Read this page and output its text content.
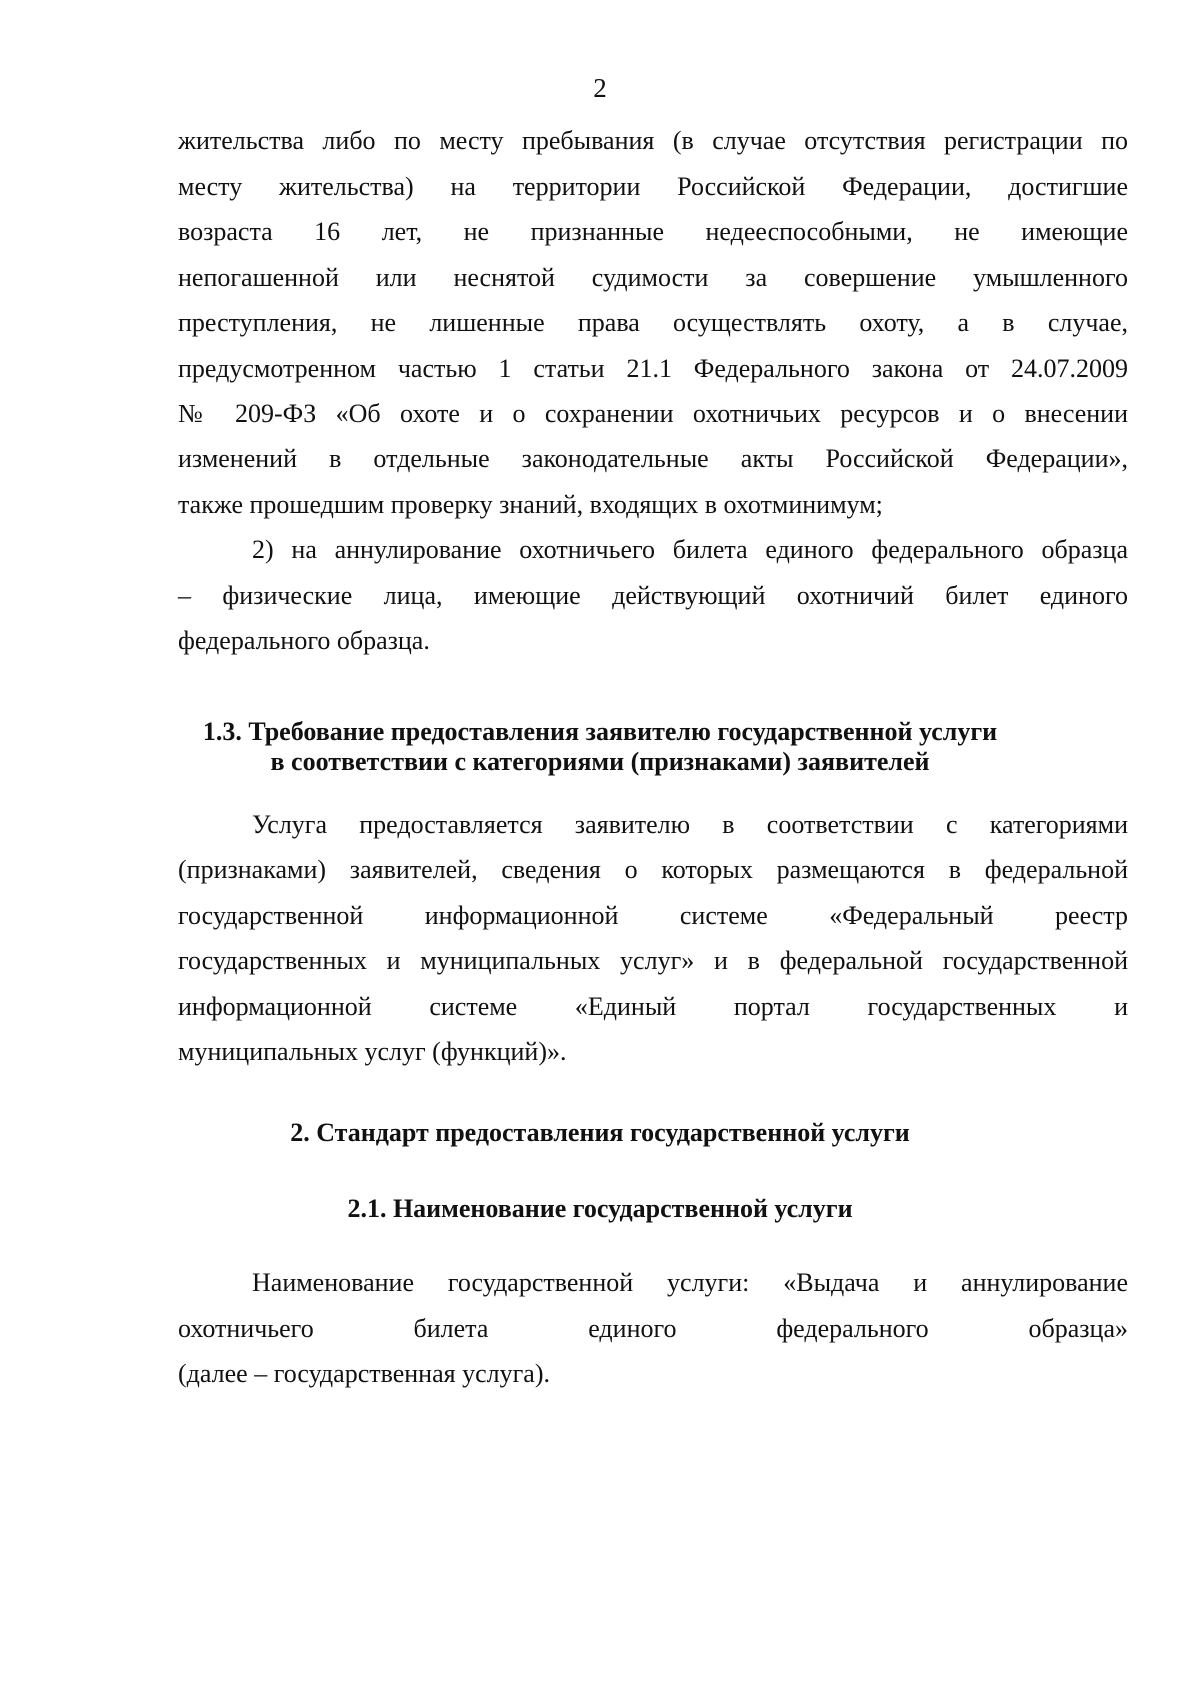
2
жительства либо по месту пребывания (в случае отсутствия регистрации по
месту жительства) на территории Российской Федерации, достигшие
возраста 16 лет, не признанные недееспособными, не имеющие
непогашенной или неснятой судимости за совершение умышленного
преступления, не лишенные права осуществлять охоту, а в случае,
предусмотренном частью 1 статьи 21.1 Федерального закона от 24.07.2009
№ 209-ФЗ «Об охоте и о сохранении охотничьих ресурсов и о внесении
изменений в отдельные законодательные акты Российской Федерации»,
также прошедшим проверку знаний, входящих в охотминимум;
2) на аннулирование охотничьего билета единого федерального образца
– физические лица, имеющие действующий охотничий билет единого
федерального образца.
1.3. Требование предоставления заявителю государственной услуги
в соответствии с категориями (признаками) заявителей
Услуга предоставляется заявителю в соответствии с категориями
(признаками) заявителей, сведения о которых размещаются в федеральной
государственной информационной системе «Федеральный реестр
государственных и муниципальных услуг» и в федеральной государственной
информационной системе «Единый портал государственных и
муниципальных услуг (функций)».
2. Стандарт предоставления государственной услуги
2.1. Наименование государственной услуги
Наименование государственной услуги: «Выдача и аннулирование
охотничьего билета единого федерального образца»
(далее – государственная услуга).
